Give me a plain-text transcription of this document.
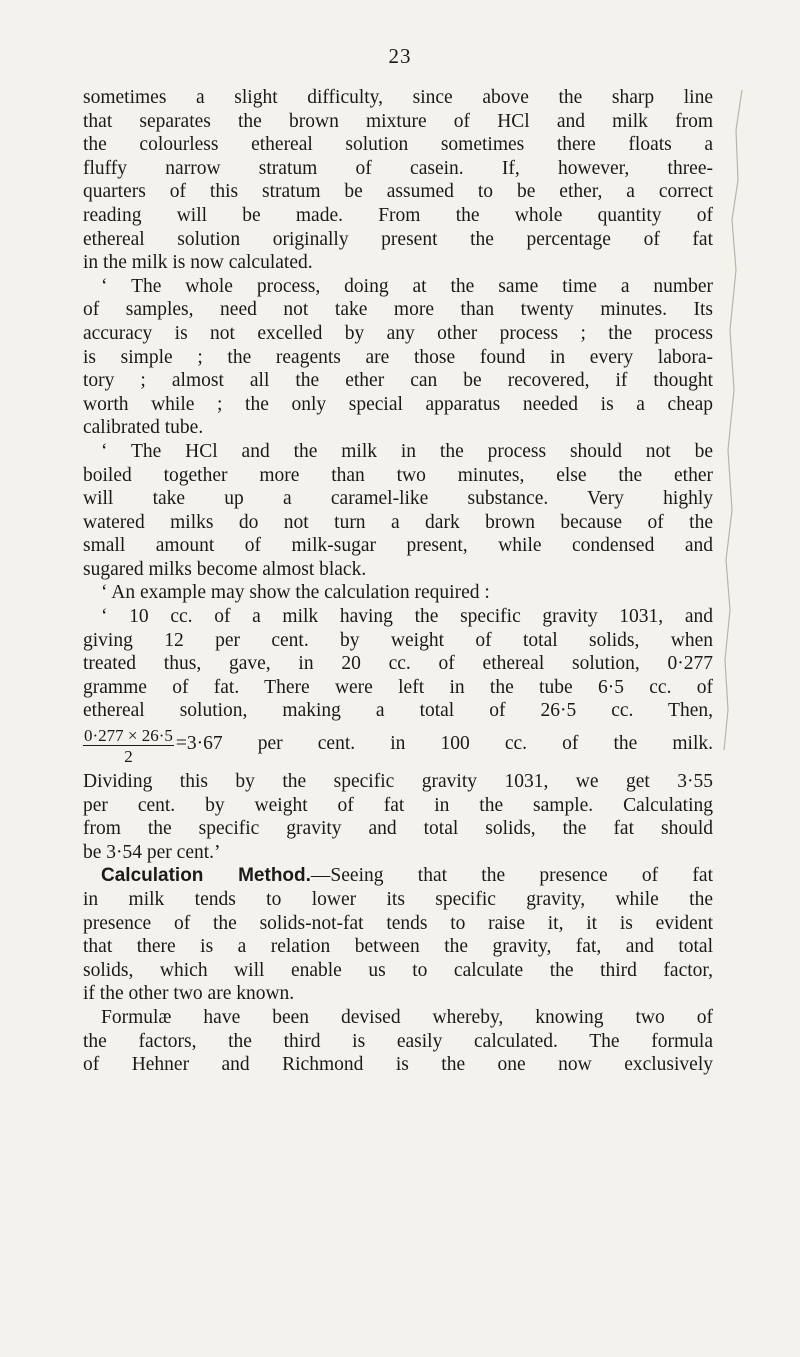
23
sometimes a slight difficulty, since above the sharp line
that separates the brown mixture of HCl and milk from
the colourless ethereal solution sometimes there floats a
fluffy narrow stratum of casein. If, however, three-
quarters of this stratum be assumed to be ether, a correct
reading will be made. From the whole quantity of
ethereal solution originally present the percentage of fat
in the milk is now calculated.
‘ The whole process, doing at the same time a number
of samples, need not take more than twenty minutes. Its
accuracy is not excelled by any other process ; the process
is simple ; the reagents are those found in every labora-
tory ; almost all the ether can be recovered, if thought
worth while ; the only special apparatus needed is a cheap
calibrated tube.
‘ The HCl and the milk in the process should not be
boiled together more than two minutes, else the ether
will take up a caramel-like substance. Very highly
watered milks do not turn a dark brown because of the
small amount of milk-sugar present, while condensed and
sugared milks become almost black.
‘ An example may show the calculation required :
‘ 10 cc. of a milk having the specific gravity 1031, and
giving 12 per cent. by weight of total solids, when
treated thus, gave, in 20 cc. of ethereal solution, 0·277
gramme of fat. There were left in the tube 6·5 cc. of
ethereal solution, making a total of 26·5 cc. Then,
$\frac{0\cdot 277 \times 26\cdot 5}{2} =3\cdot 67$ per cent. in 100 cc. of the milk.
Dividing this by the specific gravity 1031, we get 3·55
per cent. by weight of fat in the sample. Calculating
from the specific gravity and total solids, the fat should
be 3·54 per cent.’
Calculation Method.—Seeing that the presence of fat
in milk tends to lower its specific gravity, while the
presence of the solids-not-fat tends to raise it, it is evident
that there is a relation between the gravity, fat, and total
solids, which will enable us to calculate the third factor,
if the other two are known.
Formulæ have been devised whereby, knowing two of
the factors, the third is easily calculated. The formula
of Hehner and Richmond is the one now exclusively
